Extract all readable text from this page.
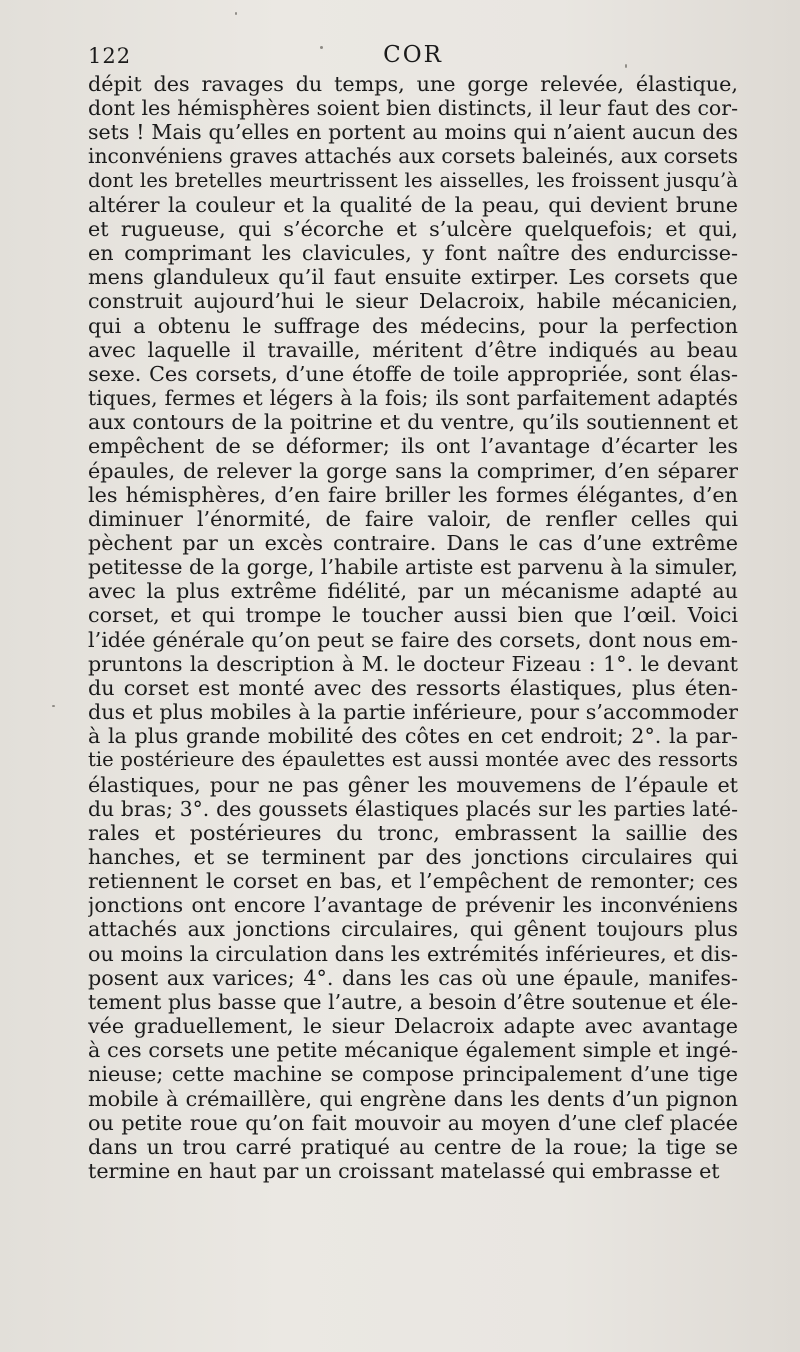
122	COR
dépit des ravages du temps, une gorge relevée, élastique,
dont les hémisphères soient bien distincts, il leur faut des cor-
sets ! Mais qu’elles en portent au moins qui n’aient aucun des
inconvéniens graves attachés aux corsets baleinés, aux corsets
dont les bretelles meurtrissent les aisselles, les froissent jusqu’à
altérer la couleur et la qualité de la peau, qui devient brune
et rugueuse, qui s’écorche et s’ulcère quelquefois; et qui,
en comprimant les clavicules, y font naître des endurcisse-
mens glanduleux qu’il faut ensuite extirper. Les corsets que
construit aujourd’hui le sieur Delacroix, habile mécanicien,
qui a obtenu le suffrage des médecins, pour la perfection
avec laquelle il travaille, méritent d’être indiqués au beau
sexe. Ces corsets, d’une étoffe de toile appropriée, sont élas-
tiques, fermes et légers à la fois; ils sont parfaitement adaptés
aux contours de la poitrine et du ventre, qu’ils soutiennent et
empêchent de se déformer; ils ont l’avantage d’écarter les
épaules, de relever la gorge sans la comprimer, d’en séparer
les hémisphères, d’en faire briller les formes élégantes, d’en
diminuer l’énormité, de faire valoir, de renfler celles qui
pèchent par un excès contraire. Dans le cas d’une extrême
petitesse de la gorge, l’habile artiste est parvenu à la simuler,
avec la plus extrême fidélité, par un mécanisme adapté au
corset, et qui trompe le toucher aussi bien que l’œil. Voici
l’idée générale qu’on peut se faire des corsets, dont nous em-
pruntons la description à M. le docteur Fizeau : 1°. le devant
du corset est monté avec des ressorts élastiques, plus éten-
dus et plus mobiles à la partie inférieure, pour s’accommoder
à la plus grande mobilité des côtes en cet endroit; 2°. la par-
tie postérieure des épaulettes est aussi montée avec des ressorts
élastiques, pour ne pas gêner les mouvemens de l’épaule et
du bras; 3°. des goussets élastiques placés sur les parties laté-
rales et postérieures du tronc, embrassent la saillie des
hanches, et se terminent par des jonctions circulaires qui
retiennent le corset en bas, et l’empêchent de remonter; ces
jonctions ont encore l’avantage de prévenir les inconvéniens
attachés aux jonctions circulaires, qui gênent toujours plus
ou moins la circulation dans les extrémités inférieures, et dis-
posent aux varices; 4°. dans les cas où une épaule, manifes-
tement plus basse que l’autre, a besoin d’être soutenue et éle-
vée graduellement, le sieur Delacroix adapte avec avantage
à ces corsets une petite mécanique également simple et ingé-
nieuse; cette machine se compose principalement d’une tige
mobile à crémaillère, qui engrène dans les dents d’un pignon
ou petite roue qu’on fait mouvoir au moyen d’une clef placée
dans un trou carré pratiqué au centre de la roue; la tige se
termine en haut par un croissant matelassé qui embrasse et
